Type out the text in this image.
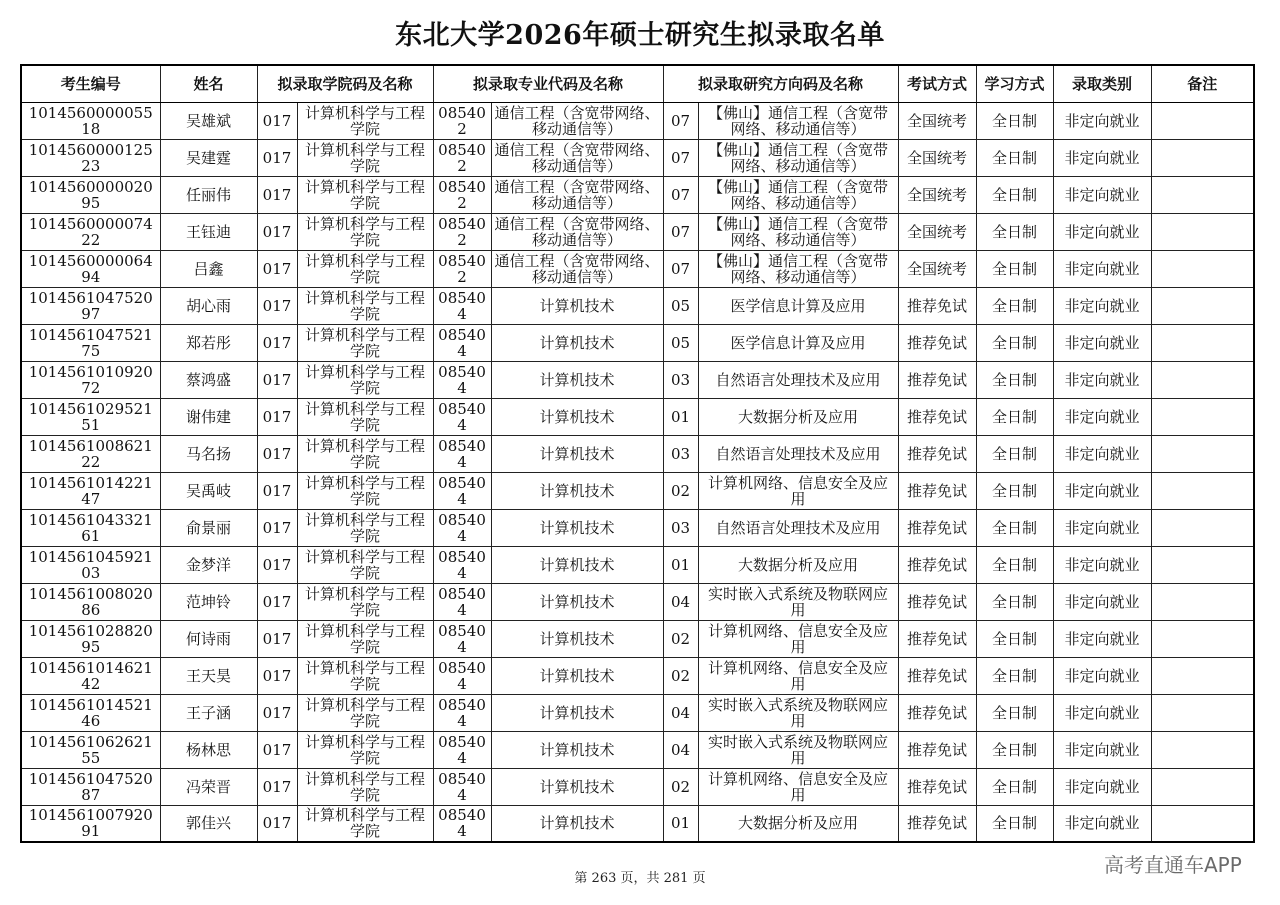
东北大学2026年硕士研究生拟录取名单
考生编号	姓名	拟录取学院码及名称		拟录取专业代码及名称		拟录取研究方向码及名称		考试方式	学习方式	录取类别	备注
101456000005518	吴雄斌	017	计算机科学与工程学院	085402	通信工程（含宽带网络、移动通信等）	07	【佛山】通信工程（含宽带网络、移动通信等）	全国统考	全日制	非定向就业	
101456000012523	吴建霆	017	计算机科学与工程学院	085402	通信工程（含宽带网络、移动通信等）	07	【佛山】通信工程（含宽带网络、移动通信等）	全国统考	全日制	非定向就业	
101456000002095	任丽伟	017	计算机科学与工程学院	085402	通信工程（含宽带网络、移动通信等）	07	【佛山】通信工程（含宽带网络、移动通信等）	全国统考	全日制	非定向就业	
101456000007422	王钰迪	017	计算机科学与工程学院	085402	通信工程（含宽带网络、移动通信等）	07	【佛山】通信工程（含宽带网络、移动通信等）	全国统考	全日制	非定向就业	
101456000006494	吕鑫	017	计算机科学与工程学院	085402	通信工程（含宽带网络、移动通信等）	07	【佛山】通信工程（含宽带网络、移动通信等）	全国统考	全日制	非定向就业	
101456104752097	胡心雨	017	计算机科学与工程学院	085404	计算机技术	05	医学信息计算及应用	推荐免试	全日制	非定向就业	
101456104752175	郑若彤	017	计算机科学与工程学院	085404	计算机技术	05	医学信息计算及应用	推荐免试	全日制	非定向就业	
101456101092072	蔡鸿盛	017	计算机科学与工程学院	085404	计算机技术	03	自然语言处理技术及应用	推荐免试	全日制	非定向就业	
101456102952151	谢伟建	017	计算机科学与工程学院	085404	计算机技术	01	大数据分析及应用	推荐免试	全日制	非定向就业	
101456100862122	马名扬	017	计算机科学与工程学院	085404	计算机技术	03	自然语言处理技术及应用	推荐免试	全日制	非定向就业	
101456101422147	吴禹岐	017	计算机科学与工程学院	085404	计算机技术	02	计算机网络、信息安全及应用	推荐免试	全日制	非定向就业	
101456104332161	俞景丽	017	计算机科学与工程学院	085404	计算机技术	03	自然语言处理技术及应用	推荐免试	全日制	非定向就业	
101456104592103	金梦洋	017	计算机科学与工程学院	085404	计算机技术	01	大数据分析及应用	推荐免试	全日制	非定向就业	
101456100802086	范坤铃	017	计算机科学与工程学院	085404	计算机技术	04	实时嵌入式系统及物联网应用	推荐免试	全日制	非定向就业	
101456102882095	何诗雨	017	计算机科学与工程学院	085404	计算机技术	02	计算机网络、信息安全及应用	推荐免试	全日制	非定向就业	
101456101462142	王天昊	017	计算机科学与工程学院	085404	计算机技术	02	计算机网络、信息安全及应用	推荐免试	全日制	非定向就业	
101456101452146	王子涵	017	计算机科学与工程学院	085404	计算机技术	04	实时嵌入式系统及物联网应用	推荐免试	全日制	非定向就业	
101456106262155	杨林思	017	计算机科学与工程学院	085404	计算机技术	04	实时嵌入式系统及物联网应用	推荐免试	全日制	非定向就业	
101456104752087	冯荣晋	017	计算机科学与工程学院	085404	计算机技术	02	计算机网络、信息安全及应用	推荐免试	全日制	非定向就业	
101456100792091	郭佳兴	017	计算机科学与工程学院	085404	计算机技术	01	大数据分析及应用	推荐免试	全日制	非定向就业	
第 263 页，共 281 页
高考直通车APP
